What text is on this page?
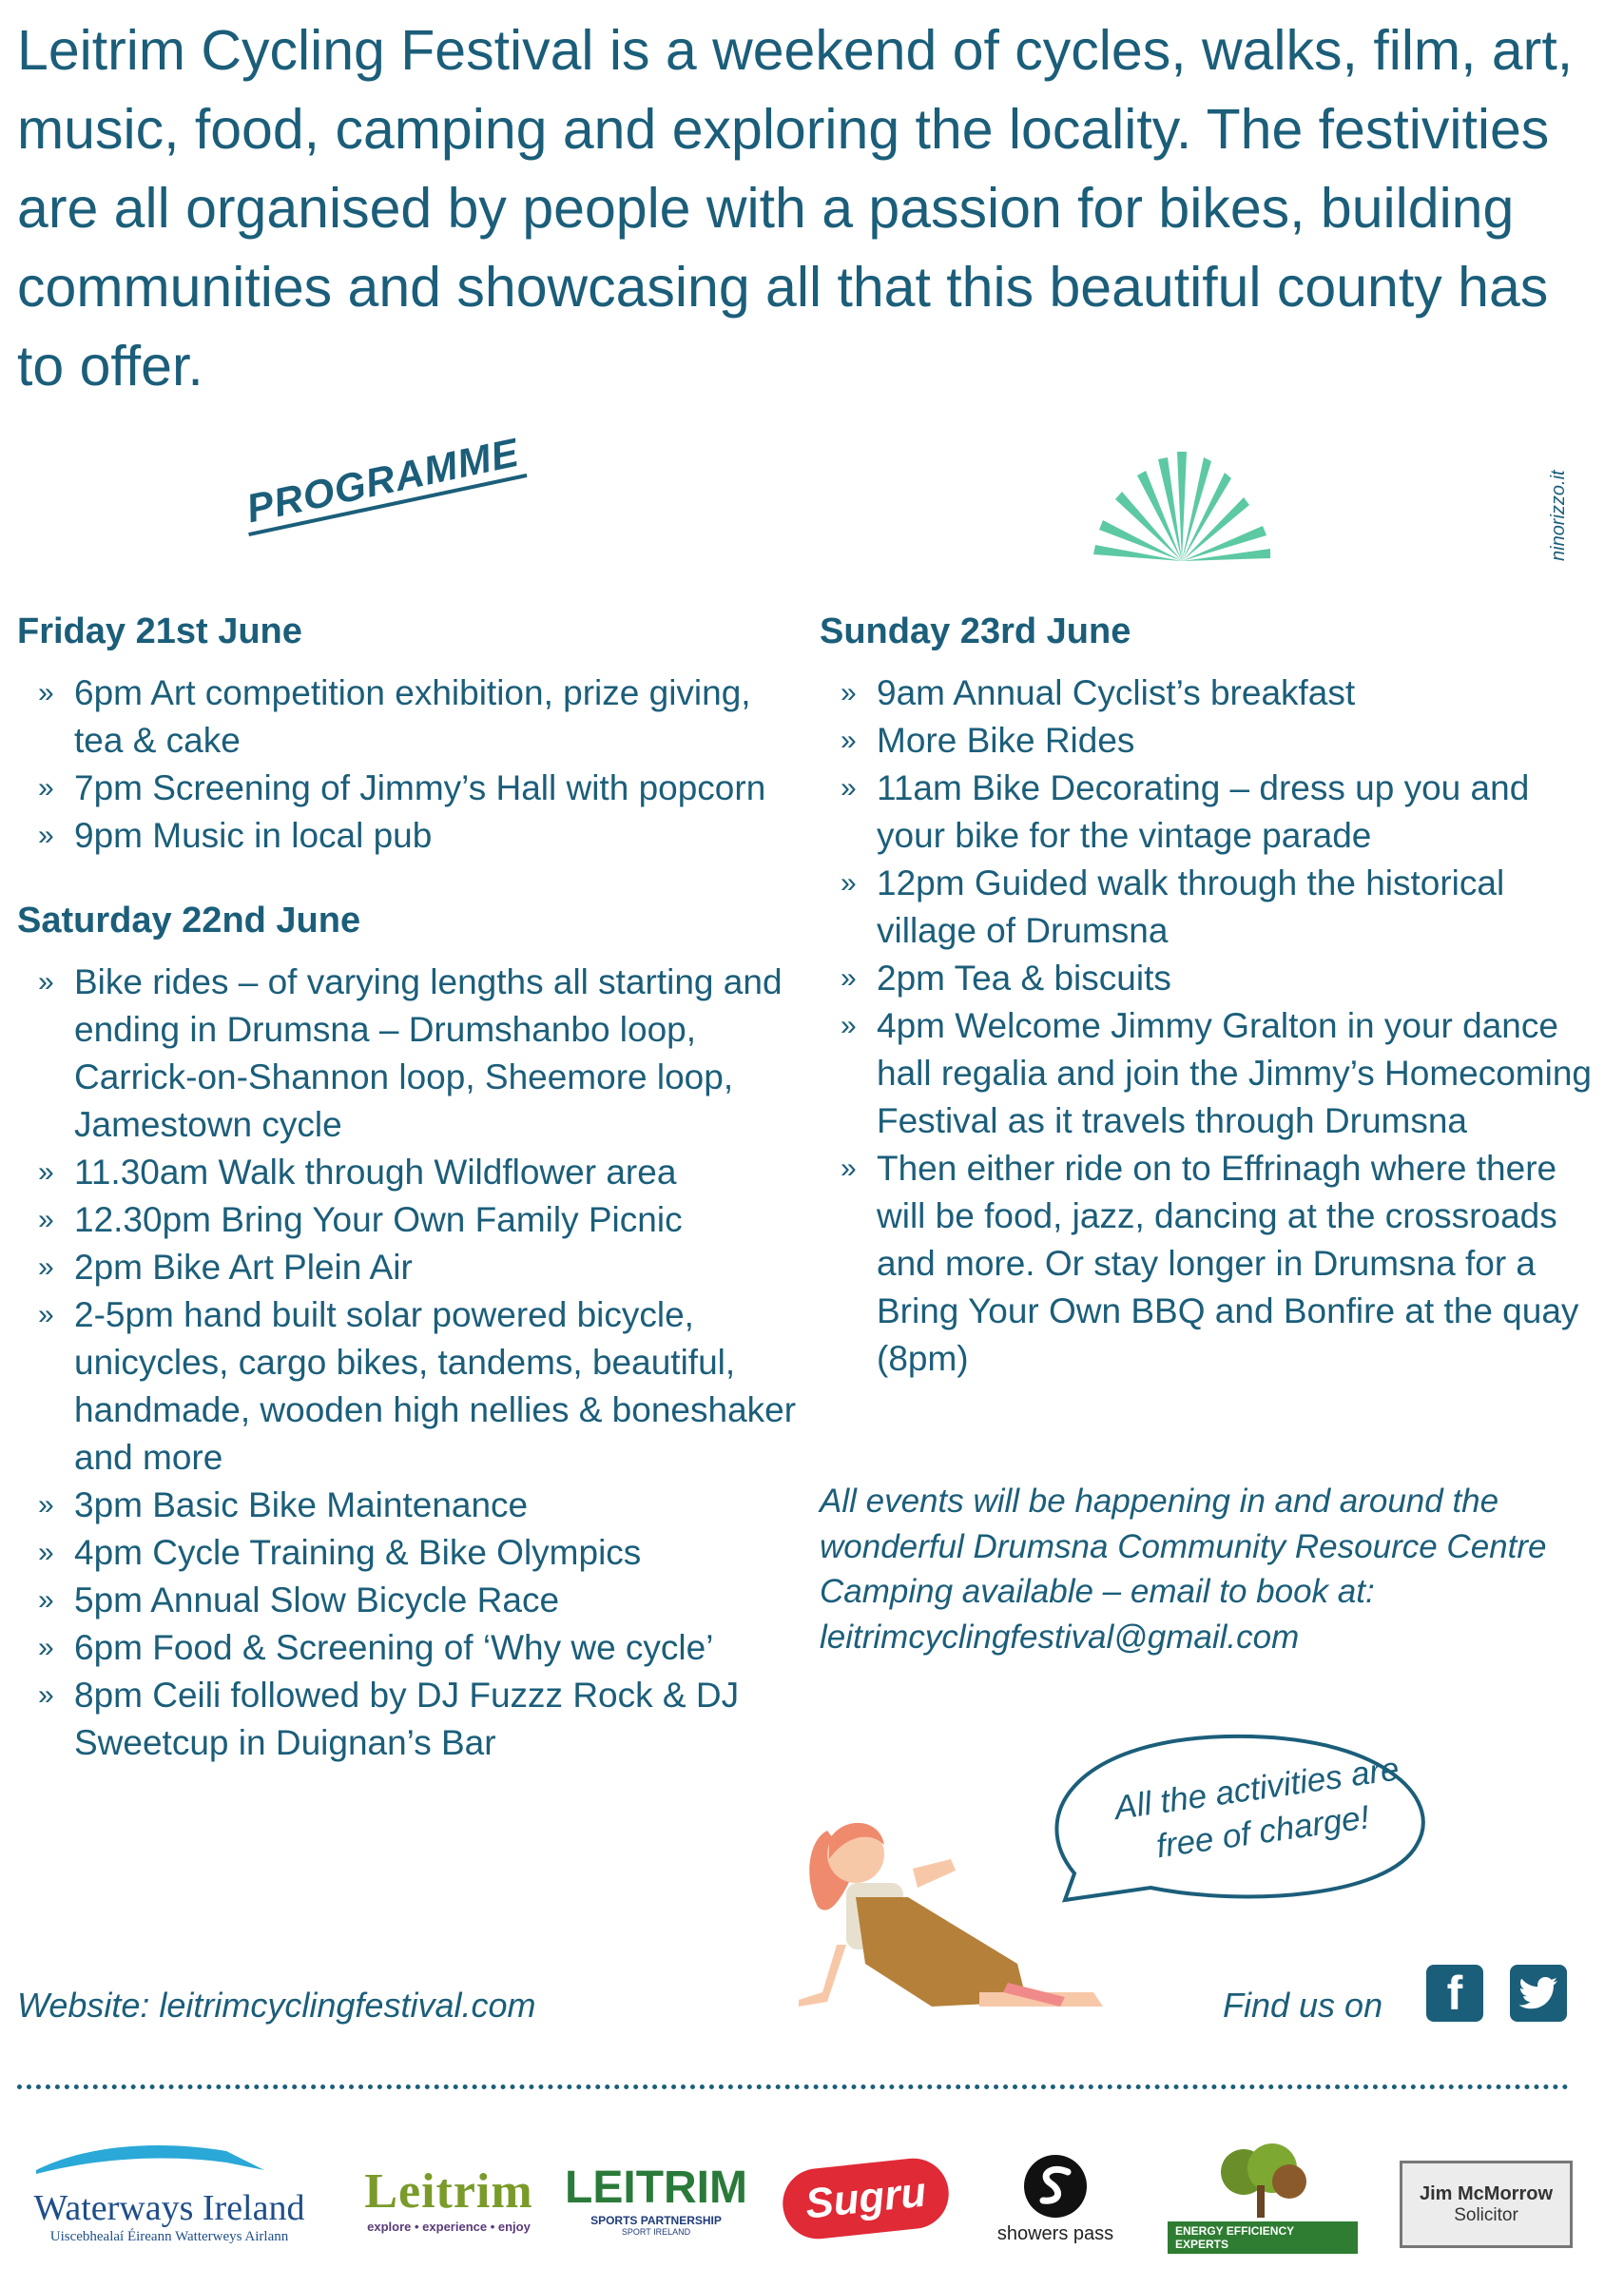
Leitrim Cycling Festival is a weekend of cycles, walks, film, art, music, food, camping and exploring the locality. The festivities are all organised by people with a passion for bikes, building communities and showcasing all that this beautiful county has to offer.

PROGRAMME	ninorizzo.it
Friday 21st June
» 6pm Art competition exhibition, prize giving, tea & cake
» 7pm Screening of Jimmy’s Hall with popcorn
» 9pm Music in local pub
Saturday 22nd June
» Bike rides – of varying lengths all starting and ending in Drumsna – Drumshanbo loop, Carrick-on-Shannon loop, Sheemore loop, Jamestown cycle
» 11.30am Walk through Wildflower area
» 12.30pm Bring Your Own Family Picnic
» 2pm Bike Art Plein Air
» 2-5pm hand built solar powered bicycle, unicycles, cargo bikes, tandems, beautiful, handmade, wooden high nellies & boneshaker and more
» 3pm Basic Bike Maintenance
» 4pm Cycle Training & Bike Olympics
» 5pm Annual Slow Bicycle Race
» 6pm Food & Screening of ‘Why we cycle’
» 8pm Ceili followed by DJ Fuzzz Rock & DJ Sweetcup in Duignan’s Bar
Sunday 23rd June
» 9am Annual Cyclist’s breakfast
» More Bike Rides
» 11am Bike Decorating – dress up you and your bike for the vintage parade
» 12pm Guided walk through the historical village of Drumsna
» 2pm Tea & biscuits
» 4pm Welcome Jimmy Gralton in your dance hall regalia and join the Jimmy’s Homecoming Festival as it travels through Drumsna
» Then either ride on to Effrinagh where there will be food, jazz, dancing at the crossroads and more. Or stay longer in Drumsna for a Bring Your Own BBQ and Bonfire at the quay (8pm)

All events will be happening in and around the wonderful Drumsna Community Resource Centre

Camping available – email to book at:

leitrimcyclingfestival@gmail.com

All the activities are free of charge!
Website: leitrimcyclingfestival.com	Find us on f
Waterways Ireland
Uiscebhealaí Éireann Watterweys Airlann
Leitrim
explore • experience • enjoy
LEITRIM
SPORTS PARTNERSHIP
SPORT IRELAND
Sugru
showers pass	ENERGY EFFICIENCY EXPERTS
Jim McMorrow
Solicitor
